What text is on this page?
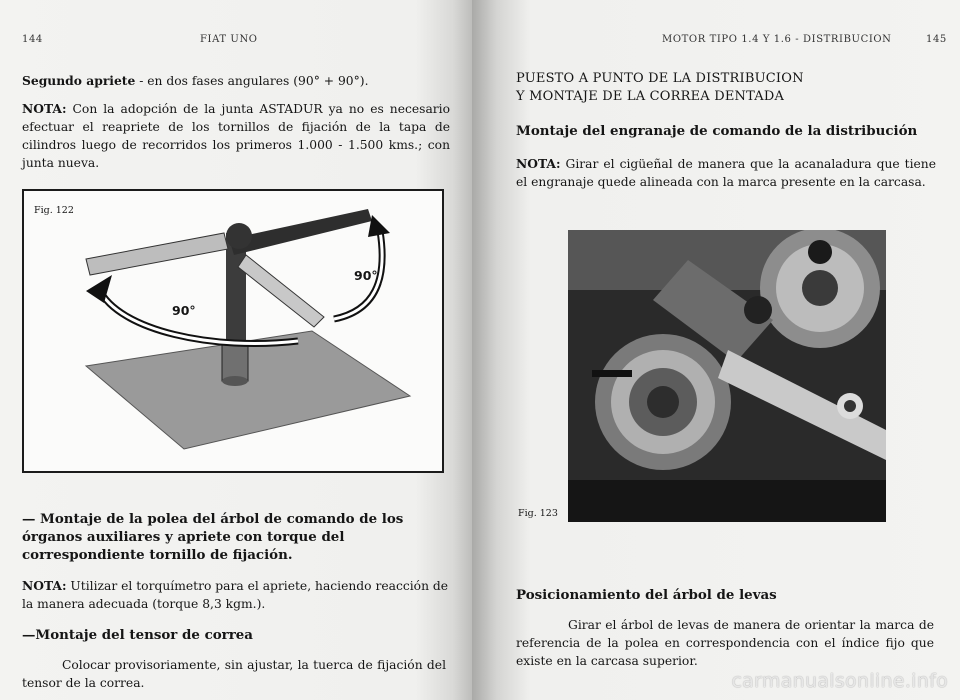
144	FIAT UNO

Segundo apriete - en dos fases angulares (90° + 90°).

NOTA: Con la adopción de la junta ASTADUR ya no es necesario efectuar el reapriete de los tornillos de fijación de la tapa de cilindros luego de recorridos los primeros 1.000 - 1.500 kms.; con junta nueva.

Fig. 122
90°
90°

— Montaje de la polea del árbol de comando de los órganos auxiliares y apriete con torque del correspondiente tornillo de fijación.

NOTA: Utilizar el torquímetro para el apriete, haciendo reacción de la manera adecuada (torque 8,3 kgm.).

—Montaje del tensor de correa

Colocar provisoriamente, sin ajustar, la tuerca de fijación del tensor de la correa.

MOTOR TIPO 1.4 Y 1.6 - DISTRIBUCION	145

PUESTO A PUNTO DE LA DISTRIBUCION

Y MONTAJE DE LA CORREA DENTADA

Montaje del engranaje de comando de la distribución

NOTA: Girar el cigüeñal de manera que la acanaladura que tiene el engranaje quede alineada con la marca presente en la carcasa.

Fig. 123

Posicionamiento del árbol de levas

Girar el árbol de levas de manera de orientar la marca de referencia de la polea en correspondencia con el índice fijo que existe en la carcasa superior.

carmanualsonline.info
